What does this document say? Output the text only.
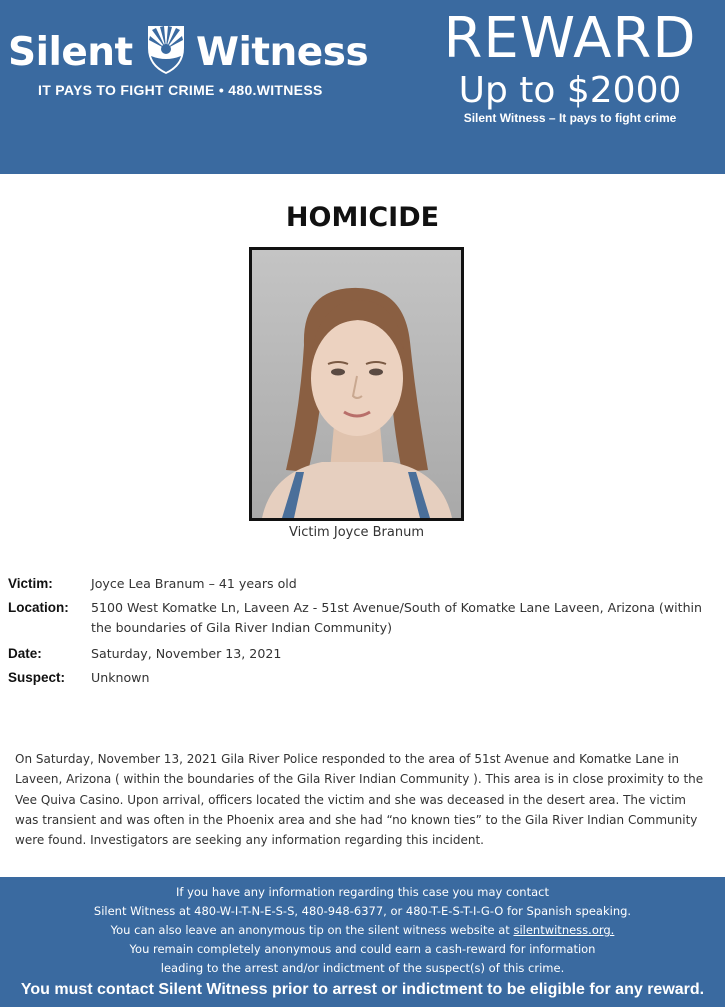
Silent Witness
IT PAYS TO FIGHT CRIME • 480.WITNESS
REWARD
Up to $2000
Silent Witness – It pays to fight crime
HOMICIDE
Victim Joyce Branum
Victim:	Joyce Lea Branum – 41 years old
Location:	5100 West Komatke Ln, Laveen Az - 51st Avenue/South of Komatke Lane Laveen, Arizona (within the boundaries of Gila River Indian Community)
Date:	Saturday, November 13, 2021
Suspect:	Unknown
On Saturday, November 13, 2021 Gila River Police responded to the area of 51st Avenue and Komatke Lane in Laveen, Arizona ( within the boundaries of the Gila River Indian Community ). This area is in close proximity to the Vee Quiva Casino. Upon arrival, officers located the victim and she was deceased in the desert area. The victim was transient and was often in the Phoenix area and she had “no known ties” to the Gila River Indian Community were found. Investigators are seeking any information regarding this incident.
If you have any information regarding this case you may contact
Silent Witness at 480-W-I-T-N-E-S-S, 480-948-6377, or 480-T-E-S-T-I-G-O for Spanish speaking.
You can also leave an anonymous tip on the silent witness website at silentwitness.org.
You remain completely anonymous and could earn a cash-reward for information
leading to the arrest and/or indictment of the suspect(s) of this crime.
You must contact Silent Witness prior to arrest or indictment to be eligible for any reward.
